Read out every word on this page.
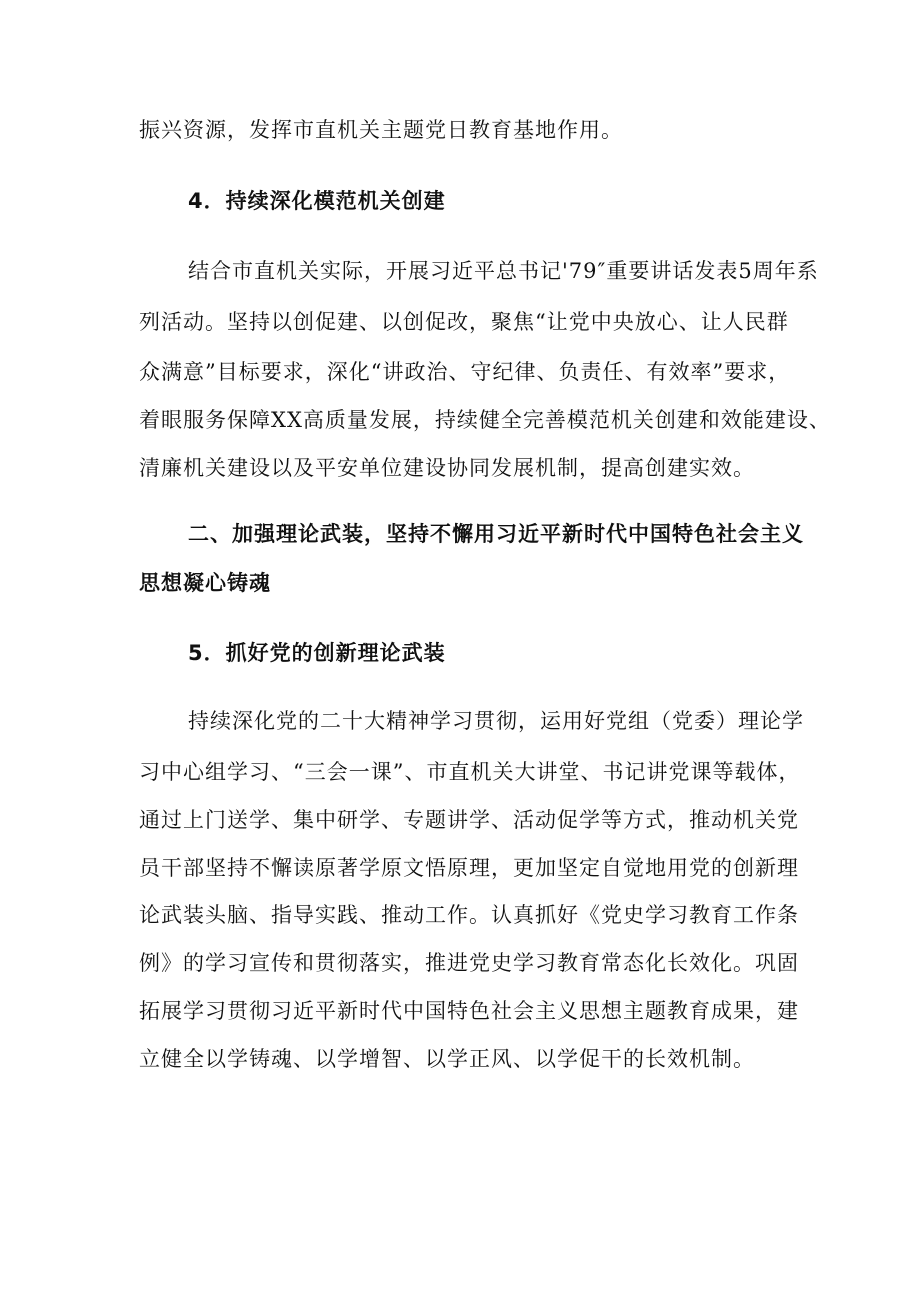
振兴资源，发挥市直机关主题党日教育基地作用。
4．持续深化模范机关创建
结合市直机关实际，开展习近平总书记'79″重要讲话发表5周年系
列活动。坚持以创促建、以创促改，聚焦“让党中央放心、让人民群
众满意”目标要求，深化“讲政治、守纪律、负责任、有效率”要求，
着眼服务保障XX高质量发展，持续健全完善模范机关创建和效能建设、
清廉机关建设以及平安单位建设协同发展机制，提高创建实效。
二、加强理论武装，坚持不懈用习近平新时代中国特色社会主义
思想凝心铸魂
5．抓好党的创新理论武装
持续深化党的二十大精神学习贯彻，运用好党组（党委）理论学
习中心组学习、“三会一课”、市直机关大讲堂、书记讲党课等载体，
通过上门送学、集中研学、专题讲学、活动促学等方式，推动机关党
员干部坚持不懈读原著学原文悟原理，更加坚定自觉地用党的创新理
论武装头脑、指导实践、推动工作。认真抓好《党史学习教育工作条
例》的学习宣传和贯彻落实，推进党史学习教育常态化长效化。巩固
拓展学习贯彻习近平新时代中国特色社会主义思想主题教育成果，建
立健全以学铸魂、以学增智、以学正风、以学促干的长效机制。
